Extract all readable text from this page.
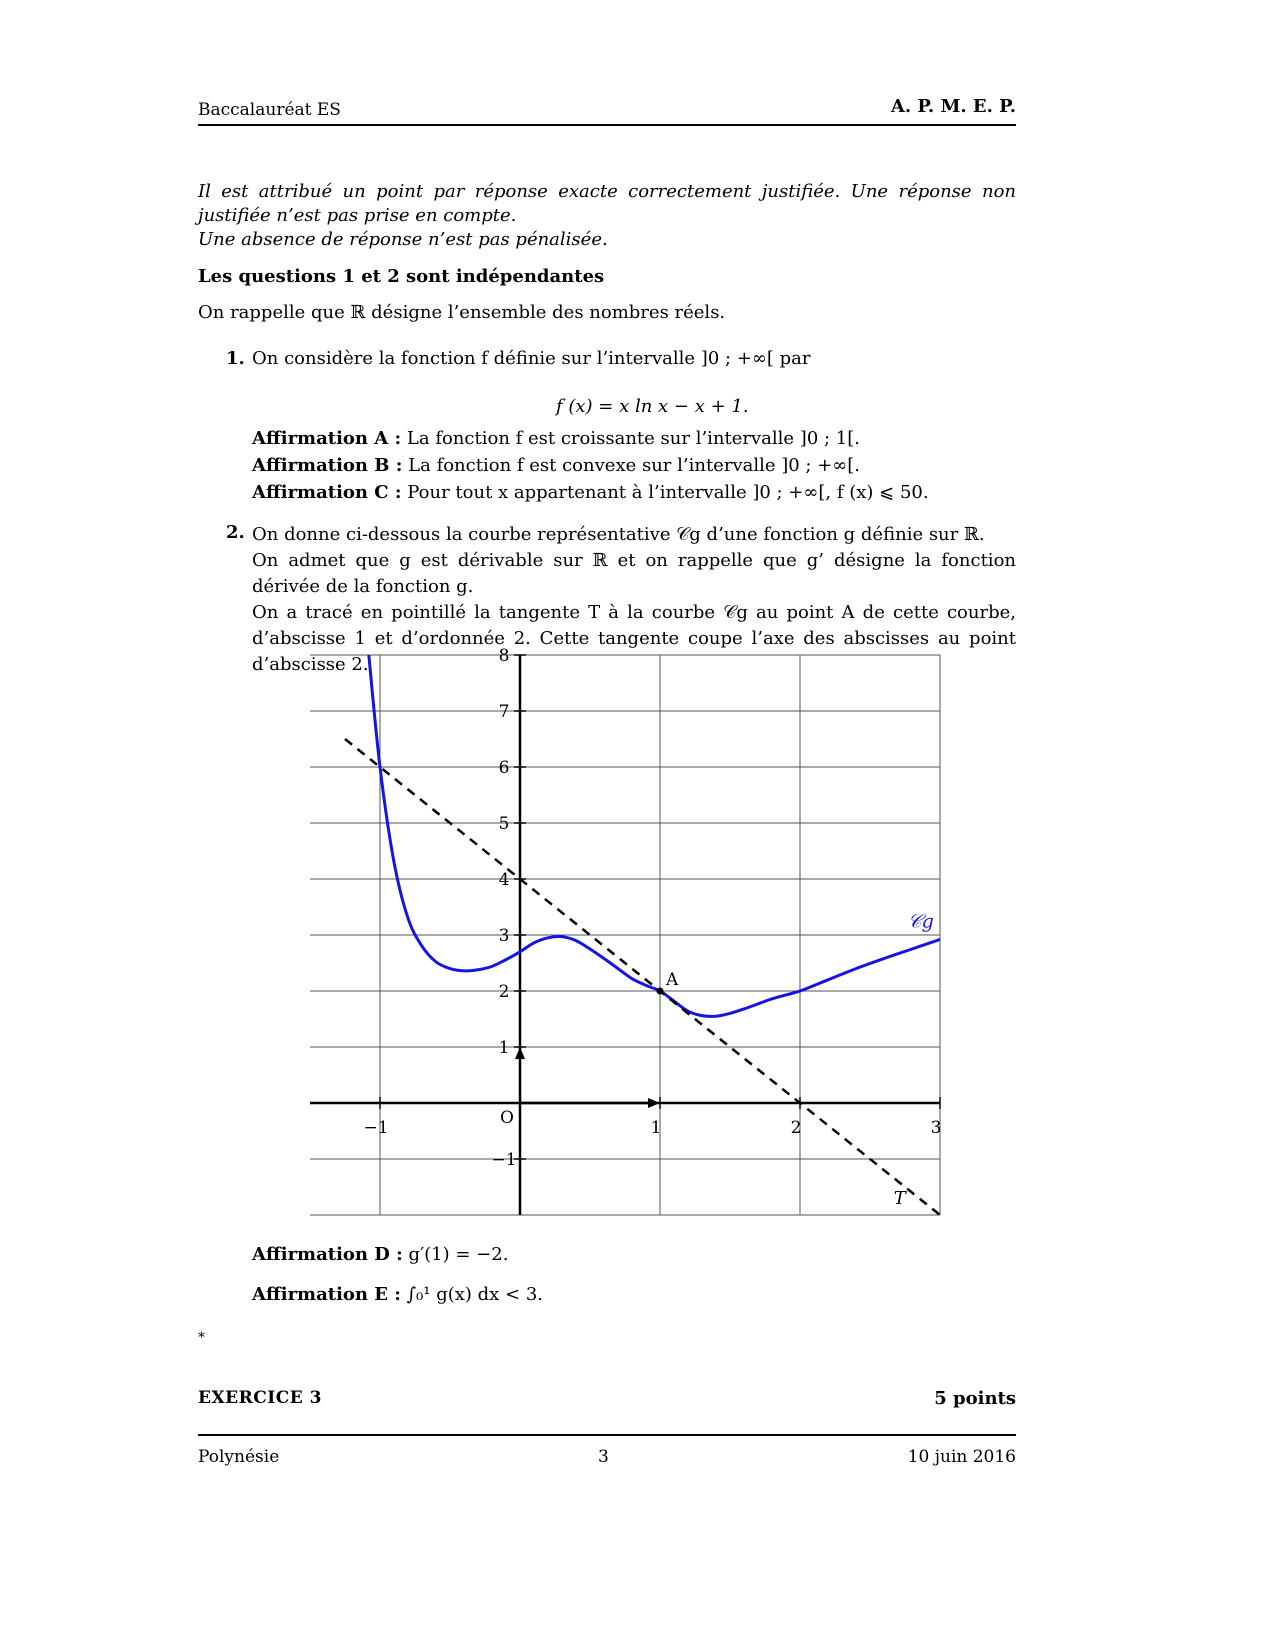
Baccalauréat ES	A. P. M. E. P.
Il est attribué un point par réponse exacte correctement justifiée. Une réponse non justifiée n’est pas prise en compte.
Une absence de réponse n’est pas pénalisée.
Les questions 1 et 2 sont indépendantes
On rappelle que ℝ désigne l’ensemble des nombres réels.
1. On considère la fonction f définie sur l’intervalle ]0 ; +∞[ par
f (x) = x ln x − x + 1.
Affirmation A : La fonction f est croissante sur l’intervalle ]0 ; 1[.
Affirmation B : La fonction f est convexe sur l’intervalle ]0 ; +∞[.
Affirmation C : Pour tout x appartenant à l’intervalle ]0 ; +∞[, f (x) ⩽ 50.
2. On donne ci-dessous la courbe représentative 𝒞g d’une fonction g définie sur ℝ.

On admet que g est dérivable sur ℝ et on rappelle que g’ désigne la fonction dérivée de la fonction g.

On a tracé en pointillé la tangente T à la courbe 𝒞g au point A de cette courbe, d’abscisse 1 et d’ordonnée 2. Cette tangente coupe l’axe des abscisses au point d’abscisse 2.

−1	1	2	3
−1
1
2
3
4
5
6
7
8
O
𝒞g
T
A
Affirmation D : g′(1) = −2.
Affirmation E : ∫₀¹ g(x) dx < 3.
*
EXERCICE 3	5 points
Polynésie	3	10 juin 2016
